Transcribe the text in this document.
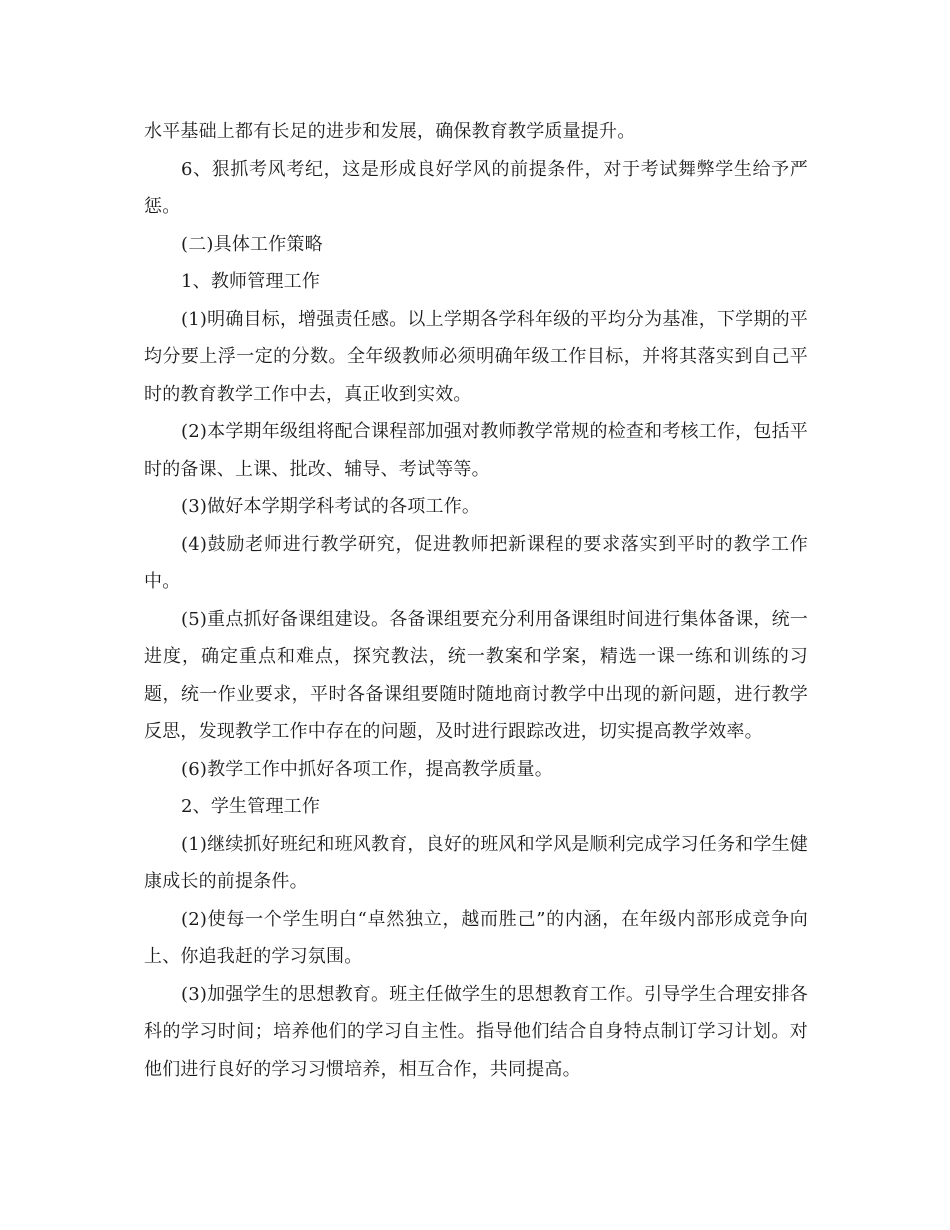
水平基础上都有长足的进步和发展，确保教育教学质量提升。

6、狠抓考风考纪，这是形成良好学风的前提条件，对于考试舞弊学生给予严惩。

(二)具体工作策略

1、教师管理工作

(1)明确目标，增强责任感。以上学期各学科年级的平均分为基准，下学期的平均分要上浮一定的分数。全年级教师必须明确年级工作目标，并将其落实到自己平时的教育教学工作中去，真正收到实效。

(2)本学期年级组将配合课程部加强对教师教学常规的检查和考核工作，包括平时的备课、上课、批改、辅导、考试等等。

(3)做好本学期学科考试的各项工作。

(4)鼓励老师进行教学研究，促进教师把新课程的要求落实到平时的教学工作中。

(5)重点抓好备课组建设。各备课组要充分利用备课组时间进行集体备课，统一进度，确定重点和难点，探究教法，统一教案和学案，精选一课一练和训练的习题，统一作业要求，平时各备课组要随时随地商讨教学中出现的新问题，进行教学反思，发现教学工作中存在的问题，及时进行跟踪改进，切实提高教学效率。

(6)教学工作中抓好各项工作，提高教学质量。

2、学生管理工作

(1)继续抓好班纪和班风教育，良好的班风和学风是顺利完成学习任务和学生健康成长的前提条件。

(2)使每一个学生明白“卓然独立，越而胜己”的内涵，在年级内部形成竞争向上、你追我赶的学习氛围。

(3)加强学生的思想教育。班主任做学生的思想教育工作。引导学生合理安排各科的学习时间；培养他们的学习自主性。指导他们结合自身特点制订学习计划。对他们进行良好的学习习惯培养，相互合作，共同提高。
